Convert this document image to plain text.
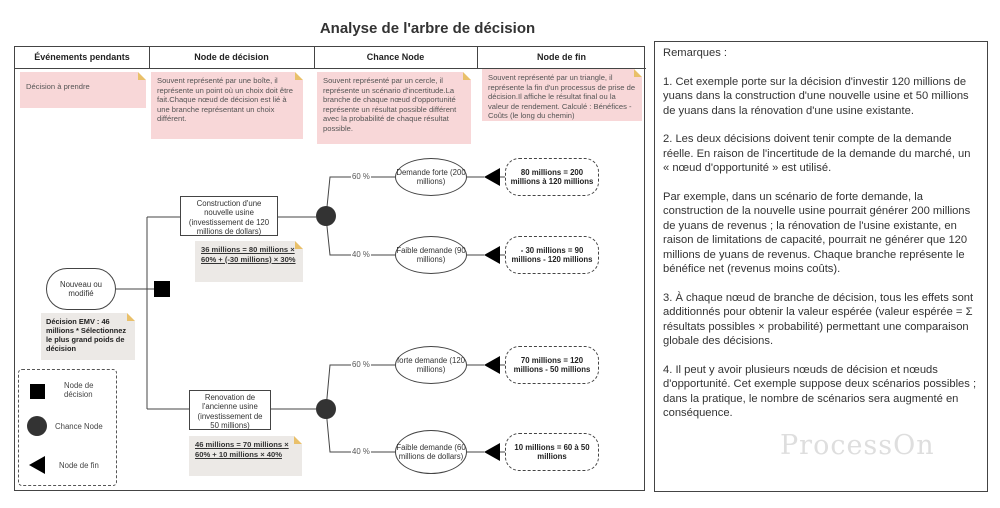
Analyse de l'arbre de décision
Événements pendants	Node de décision	Chance Node	Node de fin
Décision à prendre
Souvent représenté par une boîte, il représente un point où un choix doit être fait.Chaque nœud de décision est lié à une branche représentant un choix différent.
Souvent représenté par un cercle, il représente un scénario d'incertitude.La branche de chaque nœud d'opportunité représente un résultat possible différent avec la probabilité de chaque résultat possible.
Souvent représenté par un triangle, il représente la fin d'un processus de prise de décision.Il affiche le résultat final ou la valeur de rendement. Calculé : Bénéfices - Coûts (le long du chemin)
Nouveau ou modifié
Décision EMV : 46 millions * Sélectionnez le plus grand poids de décision
Construction d'une nouvelle usine (investissement de 120 millions de dollars)
36 millions = 80 millions × 60% + (-30 millions) × 30%
60 %
40 %
Demande forte (200 millions)
Faible demande (90 millions)
80 millions = 200 millions à 120 millions
- 30 millions = 90 millions - 120 millions
Renovation de l'ancienne usine (investissement de 50 millions)
46 millions = 70 millions × 60% + 10 millions × 40%
60 %
40 %
forte demande (120 millions)
Faible demande (60 millions de dollars)
70 millions = 120 millions - 50 millions
10 millions = 60 à 50 millions
Node de décision
Chance Node
Node de fin

Remarques :

1. Cet exemple porte sur la décision d'investir 120 millions de yuans dans la construction d'une nouvelle usine et 50 millions de yuans dans la rénovation d'une usine existante.

2. Les deux décisions doivent tenir compte de la demande réelle. En raison de l'incertitude de la demande du marché, un « nœud d'opportunité » est utilisé.

Par exemple, dans un scénario de forte demande, la construction de la nouvelle usine pourrait générer 200 millions de yuans de revenus ; la rénovation de l'usine existante, en raison de limitations de capacité, pourrait ne générer que 120 millions de yuans de revenus. Chaque branche représente le bénéfice net (revenus moins coûts).

3. À chaque nœud de branche de décision, tous les effets sont additionnés pour obtenir la valeur espérée (valeur espérée = Σ résultats possibles × probabilité) permettant une comparaison globale des décisions.

4. Il peut y avoir plusieurs nœuds de décision et nœuds d'opportunité. Cet exemple suppose deux scénarios possibles ; dans la pratique, le nombre de scénarios sera augmenté en conséquence.

ProcessOn
